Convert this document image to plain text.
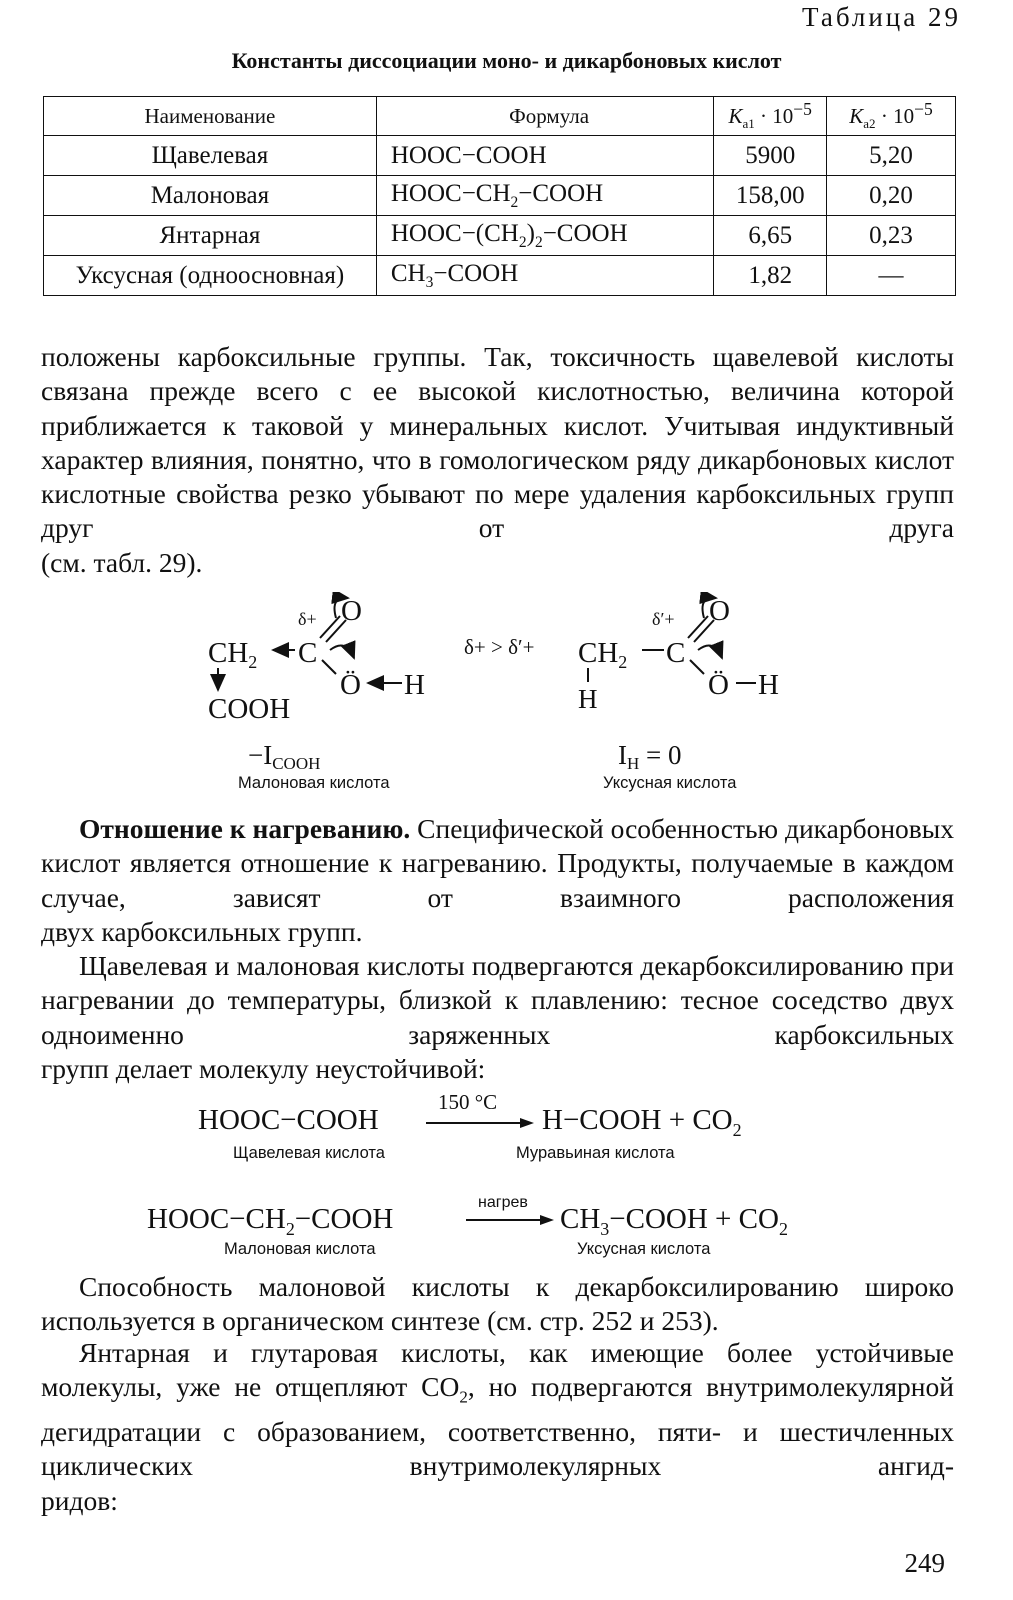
Таблица 29
Константы диссоциации моно- и дикарбоновых кислот
Наименование	Формула	$K_{a1} \cdot 10^{-5}$	$K_{a2} \cdot 10^{-5}$
Щавелевая	HOOC−COOH	5900	5,20
Малоновая	$HOOC-CH_2-COOH$	158,00	0,20
Янтарная	$HOOC-(CH_2)_2-COOH$	6,65	0,23
Уксусная (одноосновная)	$CH_3-COOH$	1,82	—
положены карбоксильные группы. Так, токсичность щавелевой кислоты связана прежде всего с ее высокой кислотностью, величина которой приближается к таковой у минеральных кислот. Учитывая индуктивный характер влияния, понятно, что в гомологическом ряду дикарбоновых кислот кислотные свойства резко убывают по мере удаления карбоксильных групп друг от друга
(см. табл. 29).
$CH_2$ C
δ+ O
Ö H
COOH
−ICOOH
Малоновая кислота
$\delta+ > \delta'+ CH_2$ C
δ′+ O
Ö H
H
IH = 0
Уксусная кислота
Отношение к нагреванию. Специфической особенностью дикарбоновых кислот является отношение к нагреванию. Продукты, получаемые в каждом случае, зависят от взаимного расположения
двух карбоксильных групп.
Щавелевая и малоновая кислоты подвергаются декарбоксилированию при нагревании до температуры, близкой к плавлению: тесное соседство двух одноименно заряженных карбоксильных
групп делает молекулу неустойчивой:
HOOC−COOH
150 °C
H−COOH + $CO_2$
Щавелевая кислота	Муравьиная кислота
$HOOC-CH_2-COOH$
нагрев
$CH_3-COOH + CO_2$
Малоновая кислота	Уксусная кислота
Способность малоновой кислоты к декарбоксилированию широко используется в органическом синтезе (см. стр. 252 и 253).
Янтарная и глутаровая кислоты, как имеющие более устойчивые молекулы, уже не отщепляют $CO_2$, но подвергаются внутримолекулярной дегидратации с образованием, соответственно, пяти- и шестичленных циклических внутримолекулярных ангид-
ридов:
249
